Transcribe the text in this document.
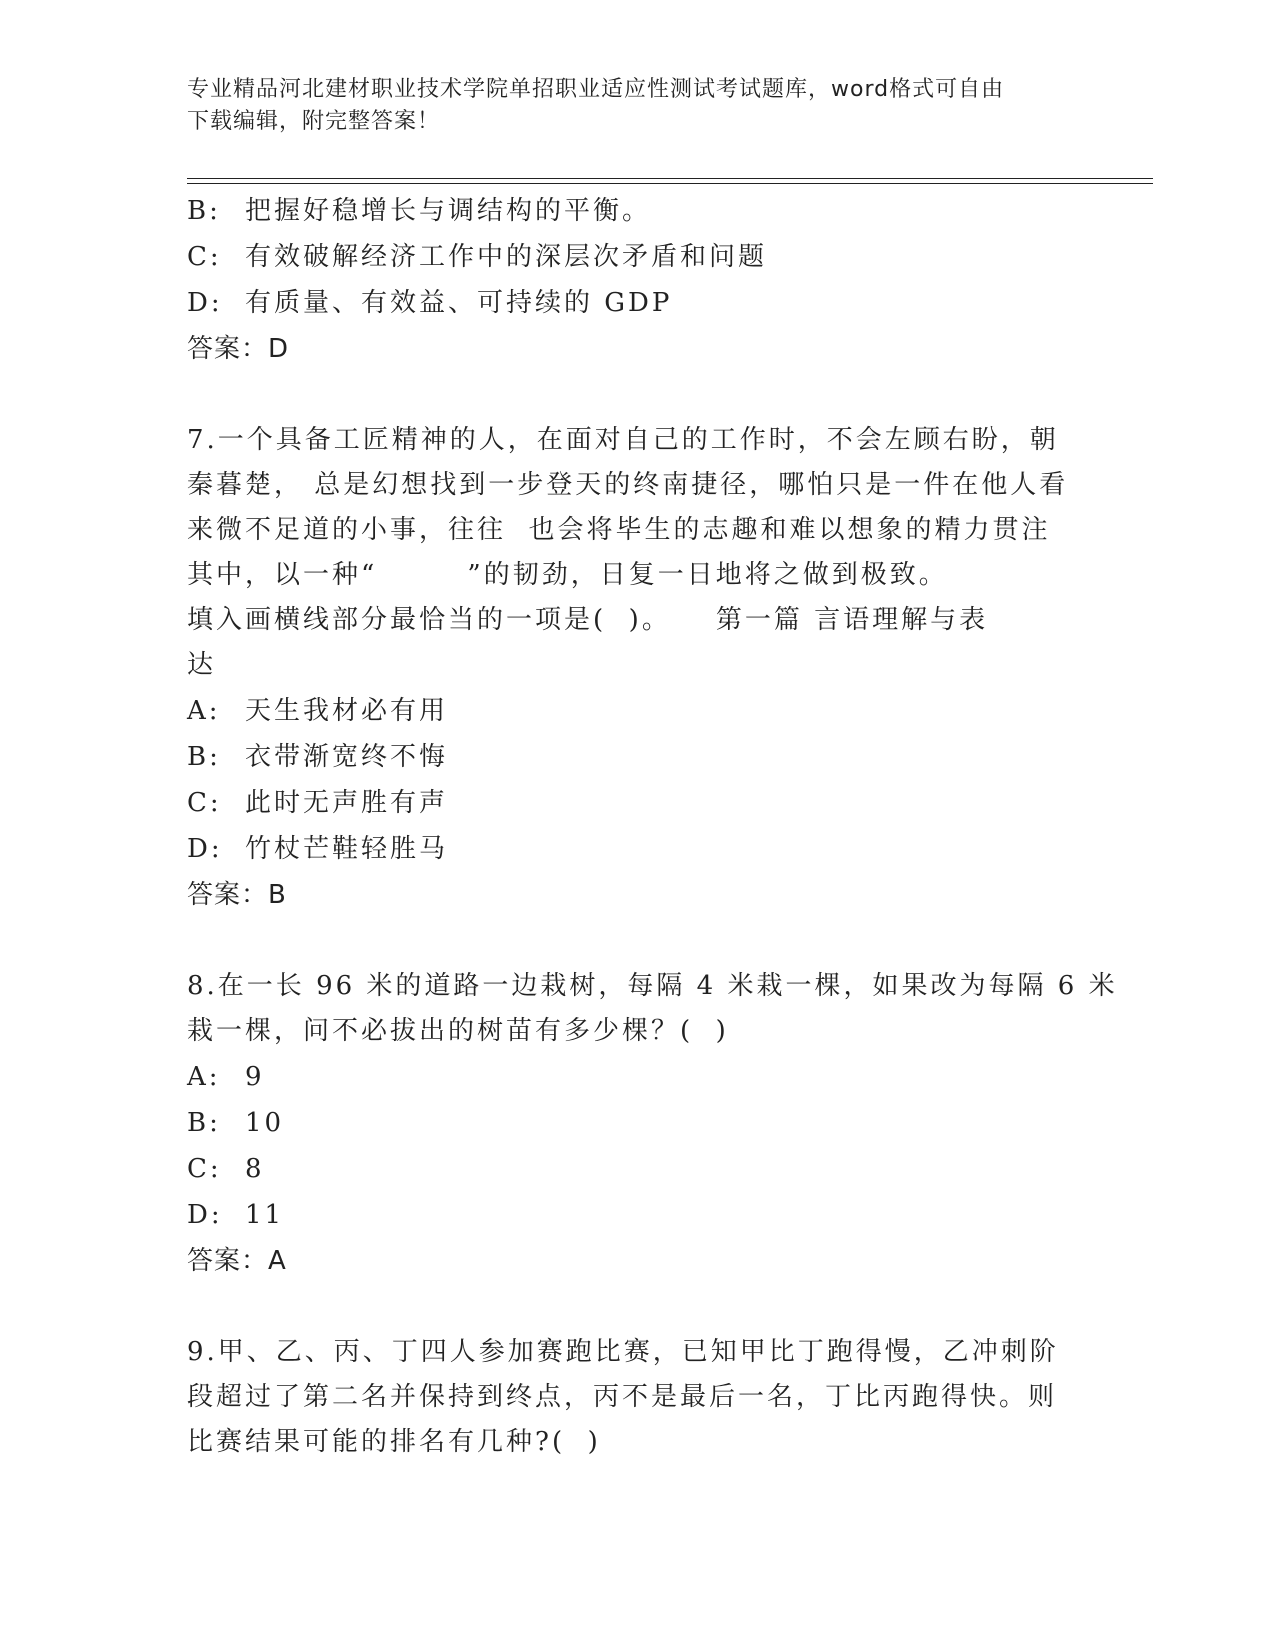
专业精品河北建材职业技术学院单招职业适应性测试考试题库，word格式可自由
下载编辑，附完整答案！
B: 把握好稳增长与调结构的平衡。
C: 有效破解经济工作中的深层次矛盾和问题
D: 有质量、有效益、可持续的 GDP
答案：D
7.一个具备工匠精神的人，在面对自己的工作时，不会左顾右盼，朝
秦暮楚， 总是幻想找到一步登天的终南捷径，哪怕只是一件在他人看
来微不足道的小事，往往  也会将毕生的志趣和难以想象的精力贯注
其中，以一种“        ”的韧劲，日复一日地将之做到极致。
填入画横线部分最恰当的一项是(  )。    第一篇 言语理解与表
达
A: 天生我材必有用
B: 衣带渐宽终不悔
C: 此时无声胜有声
D: 竹杖芒鞋轻胜马
答案：B
8.在一长 96 米的道路一边栽树，每隔 4 米栽一棵，如果改为每隔 6 米
栽一棵，问不必拔出的树苗有多少棵？(  )
A: 9
B: 10
C: 8
D: 11
答案：A
9.甲、乙、丙、丁四人参加赛跑比赛，已知甲比丁跑得慢，乙冲刺阶
段超过了第二名并保持到终点，丙不是最后一名，丁比丙跑得快。则
比赛结果可能的排名有几种?(  )
